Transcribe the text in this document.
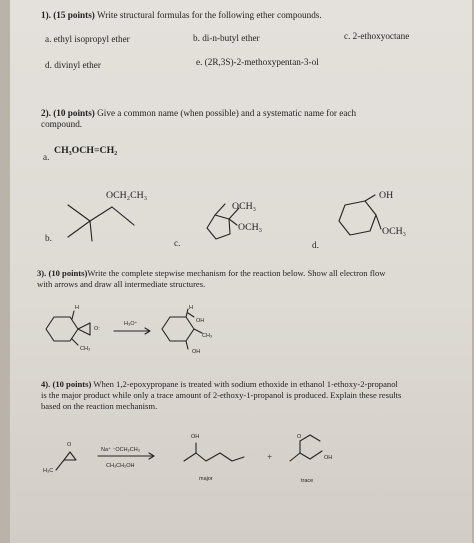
1). (15 points) Write structural formulas for the following ether compounds.
a. ethyl isopropyl ether	b. di-n-butyl ether	c. 2-ethoxyoctane
d. divinyl ether	e. (2R,3S)-2-methoxypentan-3-ol
2). (10 points) Give a common name (when possible) and a systematic name for each
compound.
a.
CH₃OCH=CH₂
OCH₂CH₃
b.
OCH₃
OCH₃
c.
OH
OCH₃
d.
3). (10 points)Write the complete stepwise mechanism for the reaction below. Show all electron flow
with arrows and draw all intermediate structures.
H
O:
CH₃
H₃O⁺
H
OH
CH₃
OH
4). (10 points) When 1,2-epoxypropane is treated with sodium ethoxide in ethanol 1-ethoxy-2-propanol
is the major product while only a trace amount of 2-ethoxy-1-propanol is produced. Explain these results
based on the reaction mechanism.
O
H₃C
Na⁺ ⁻OCH₂CH₃
CH₃CH₂OH
OH
major
+
O
OH
trace
